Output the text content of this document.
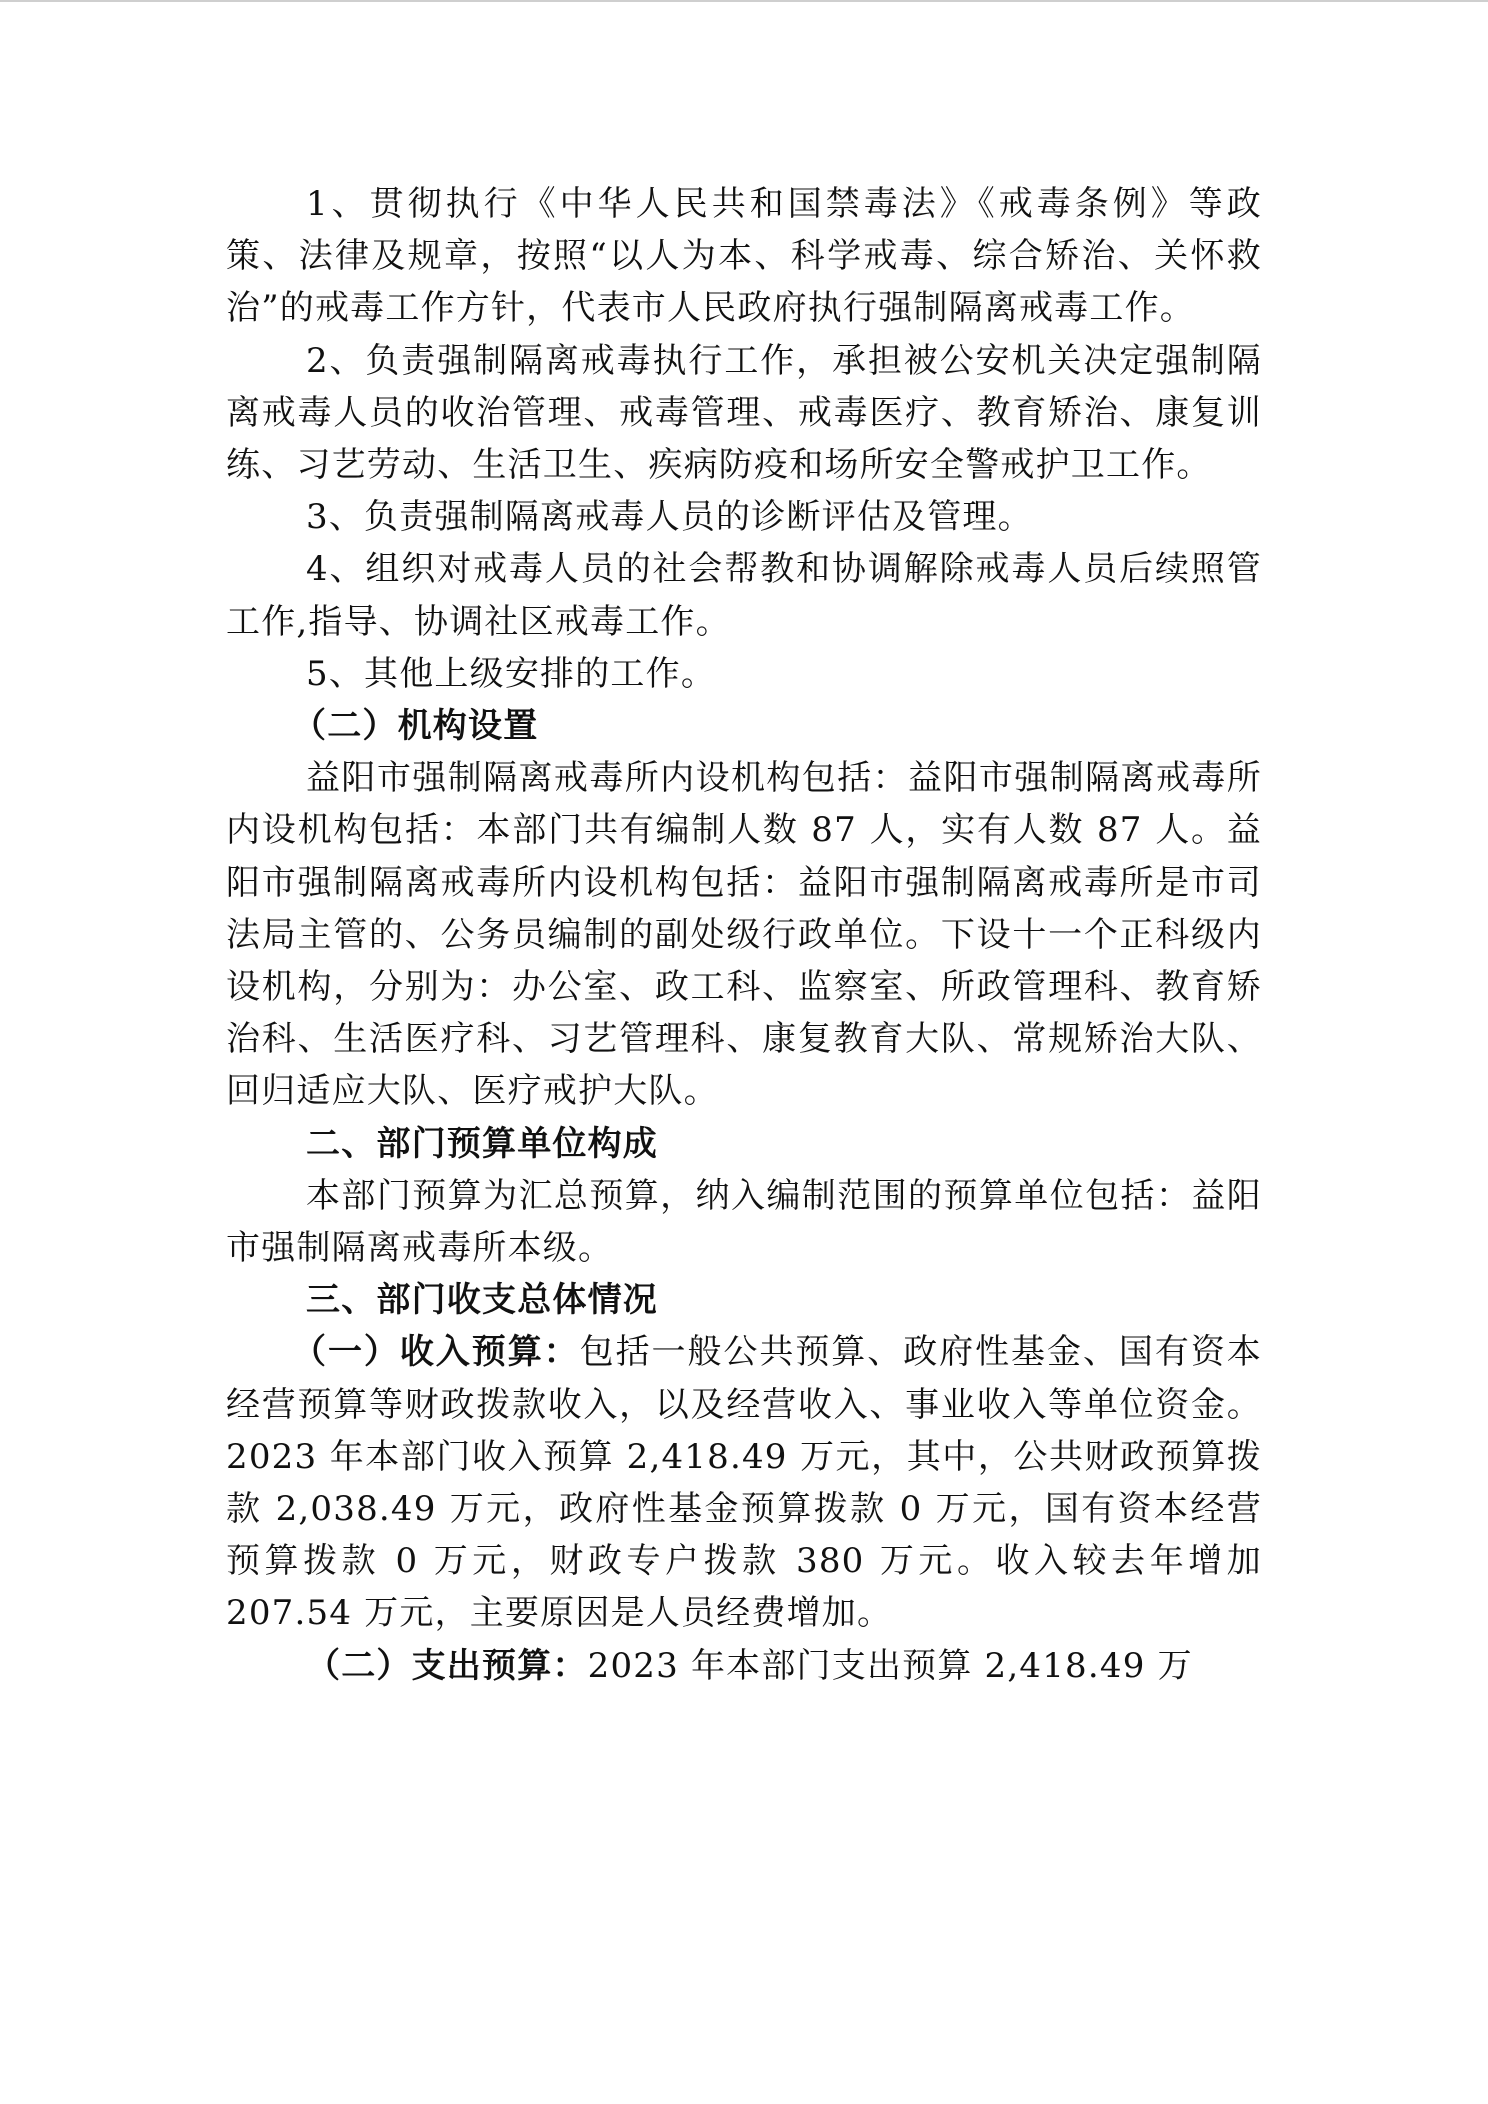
1、贯彻执行《中华人民共和国禁毒法》《戒毒条例》等政策、法律及规章，按照“以人为本、科学戒毒、综合矫治、关怀救治”的戒毒工作方针，代表市人民政府执行强制隔离戒毒工作。

2、负责强制隔离戒毒执行工作，承担被公安机关决定强制隔离戒毒人员的收治管理、戒毒管理、戒毒医疗、教育矫治、康复训练、习艺劳动、生活卫生、疾病防疫和场所安全警戒护卫工作。

3、负责强制隔离戒毒人员的诊断评估及管理。

4、组织对戒毒人员的社会帮教和协调解除戒毒人员后续照管工作,指导、协调社区戒毒工作。

5、其他上级安排的工作。

（二）机构设置

益阳市强制隔离戒毒所内设机构包括：益阳市强制隔离戒毒所内设机构包括：本部门共有编制人数 87 人，实有人数 87 人。益阳市强制隔离戒毒所内设机构包括：益阳市强制隔离戒毒所是市司法局主管的、公务员编制的副处级行政单位。下设十一个正科级内设机构，分别为：办公室、政工科、监察室、所政管理科、教育矫治科、生活医疗科、习艺管理科、康复教育大队、常规矫治大队、回归适应大队、医疗戒护大队。

二、部门预算单位构成

本部门预算为汇总预算，纳入编制范围的预算单位包括：益阳市强制隔离戒毒所本级。

三、部门收支总体情况

（一）收入预算：包括一般公共预算、政府性基金、国有资本经营预算等财政拨款收入，以及经营收入、事业收入等单位资金。2023 年本部门收入预算 2,418.49 万元，其中，公共财政预算拨款 2,038.49 万元，政府性基金预算拨款 0 万元，国有资本经营预算拨款 0 万元，财政专户拨款 380 万元。收入较去年增加 207.54 万元，主要原因是人员经费增加。

（二）支出预算：2023 年本部门支出预算 2,418.49 万
